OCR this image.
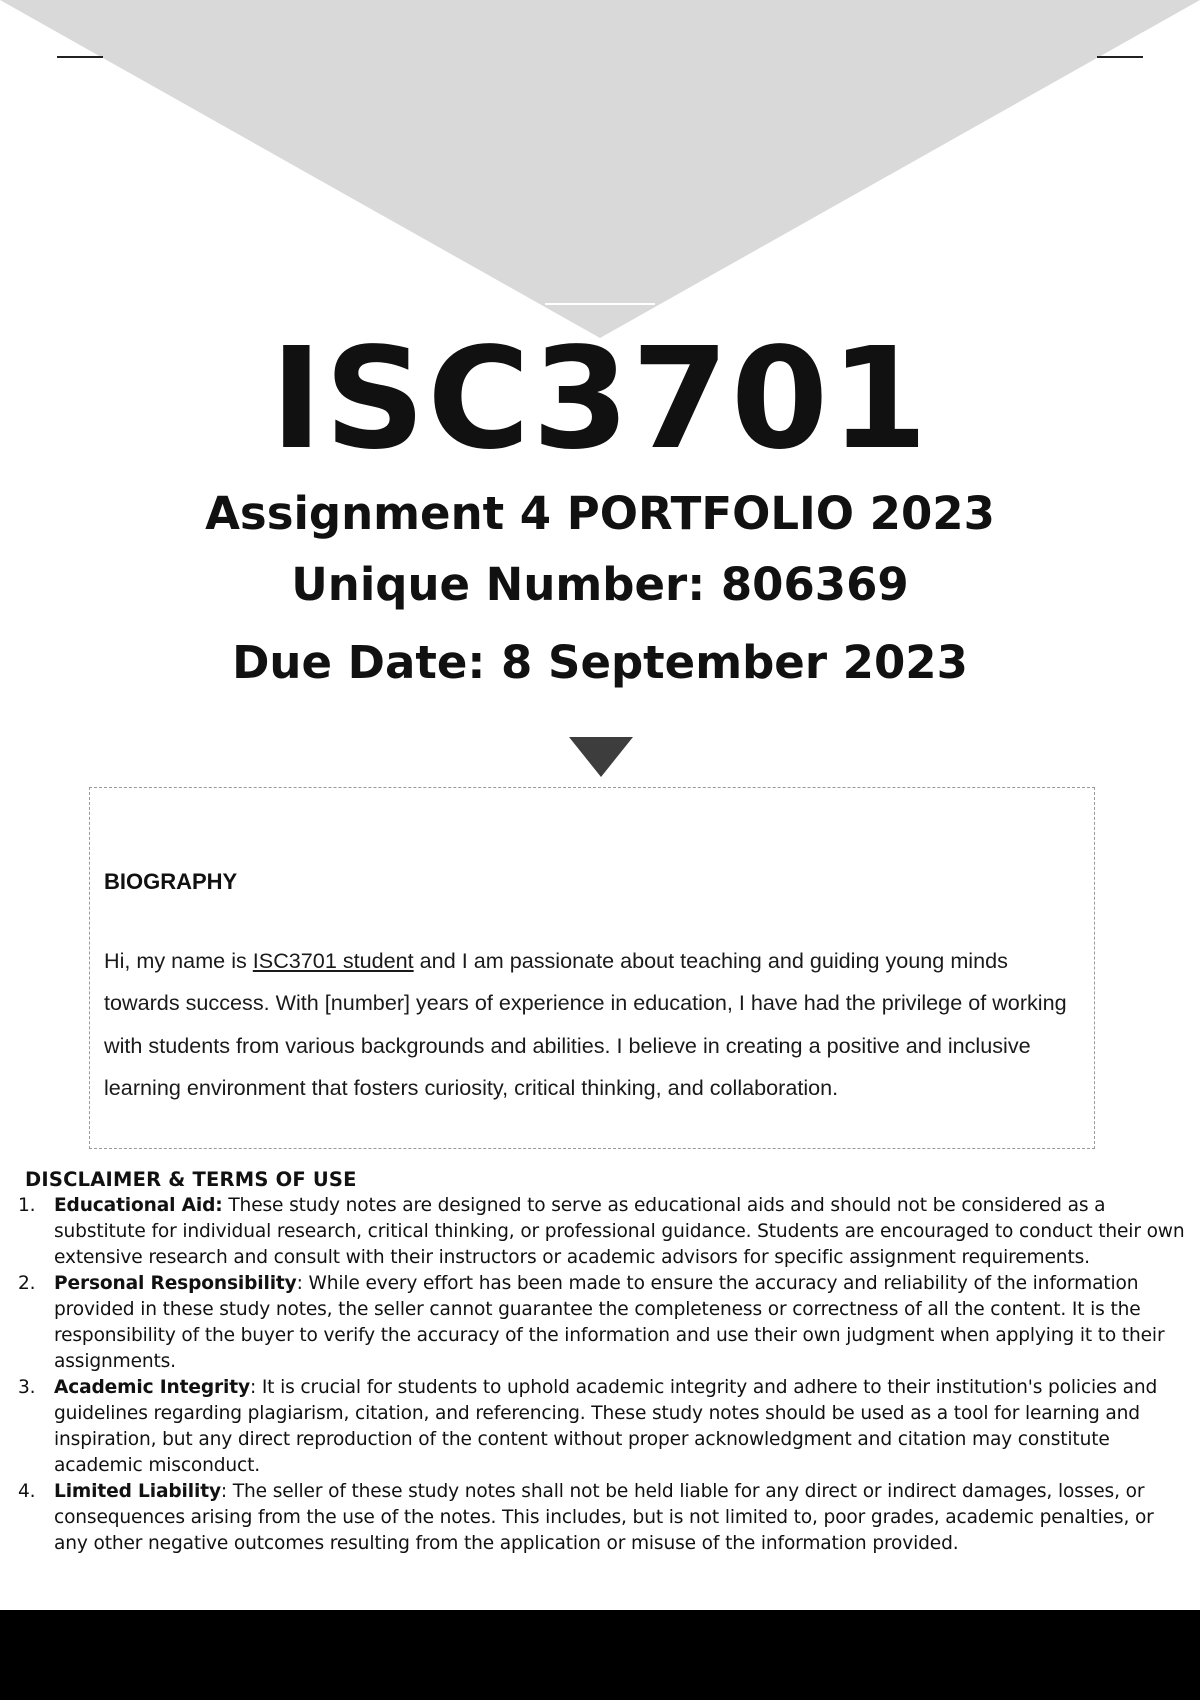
ISC3701
Assignment 4 PORTFOLIO 2023
Unique Number: 806369
Due Date: 8 September 2023
BIOGRAPHY

Hi, my name is ISC3701 student and I am passionate about teaching and guiding young minds towards success. With [number] years of experience in education, I have had the privilege of working with students from various backgrounds and abilities. I believe in creating a positive and inclusive learning environment that fosters curiosity, critical thinking, and collaboration.

DISCLAIMER & TERMS OF USE
1. Educational Aid: These study notes are designed to serve as educational aids and should not be considered as a substitute for individual research, critical thinking, or professional guidance. Students are encouraged to conduct their own extensive research and consult with their instructors or academic advisors for specific assignment requirements.
2. Personal Responsibility: While every effort has been made to ensure the accuracy and reliability of the information provided in these study notes, the seller cannot guarantee the completeness or correctness of all the content. It is the responsibility of the buyer to verify the accuracy of the information and use their own judgment when applying it to their assignments.
3. Academic Integrity: It is crucial for students to uphold academic integrity and adhere to their institution's policies and guidelines regarding plagiarism, citation, and referencing. These study notes should be used as a tool for learning and inspiration, but any direct reproduction of the content without proper acknowledgment and citation may constitute academic misconduct.
4. Limited Liability: The seller of these study notes shall not be held liable for any direct or indirect damages, losses, or consequences arising from the use of the notes. This includes, but is not limited to, poor grades, academic penalties, or any other negative outcomes resulting from the application or misuse of the information provided.
